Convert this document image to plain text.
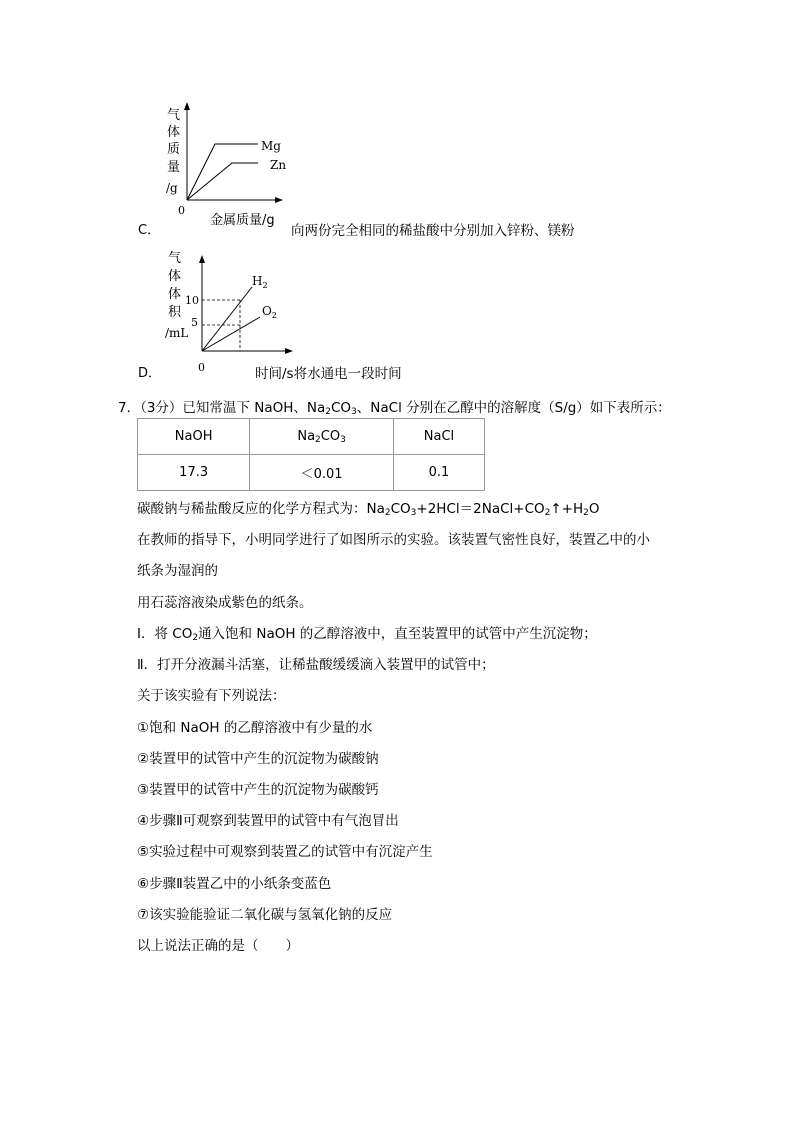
气
体
质
量
/g
0
Mg
Zn
金属质量/g
C．	向两份完全相同的稀盐酸中分别加入锌粉、镁粉
气
体
体
积
/mL
10
5
$H_2$
$O_2$
0
D．	时间/s将水通电一段时间
7．（3分）已知常温下 NaOH、$Na_2CO_3$、NaCl 分别在乙醇中的溶解度（S/g）如下表所示：
NaOH	$Na_2CO_3$	NaCl
17.3	＜0.01	0.1
碳酸钠与稀盐酸反应的化学方程式为：$Na_2CO_3+2HCl=2NaCl+CO_2↑+H_2O$
在教师的指导下，小明同学进行了如图所示的实验。该装置气密性良好，装置乙中的小
纸条为湿润的
用石蕊溶液染成紫色的纸条。
Ⅰ．将 $CO_2$通入饱和 NaOH 的乙醇溶液中，直至装置甲的试管中产生沉淀物；
Ⅱ．打开分液漏斗活塞，让稀盐酸缓缓滴入装置甲的试管中；
关于该实验有下列说法：
①饱和 NaOH 的乙醇溶液中有少量的水
②装置甲的试管中产生的沉淀物为碳酸钠
③装置甲的试管中产生的沉淀物为碳酸钙
④步骤Ⅱ可观察到装置甲的试管中有气泡冒出
⑤实验过程中可观察到装置乙的试管中有沉淀产生
⑥步骤Ⅱ装置乙中的小纸条变蓝色
⑦该实验能验证二氧化碳与氢氧化钠的反应
以上说法正确的是（　　）
